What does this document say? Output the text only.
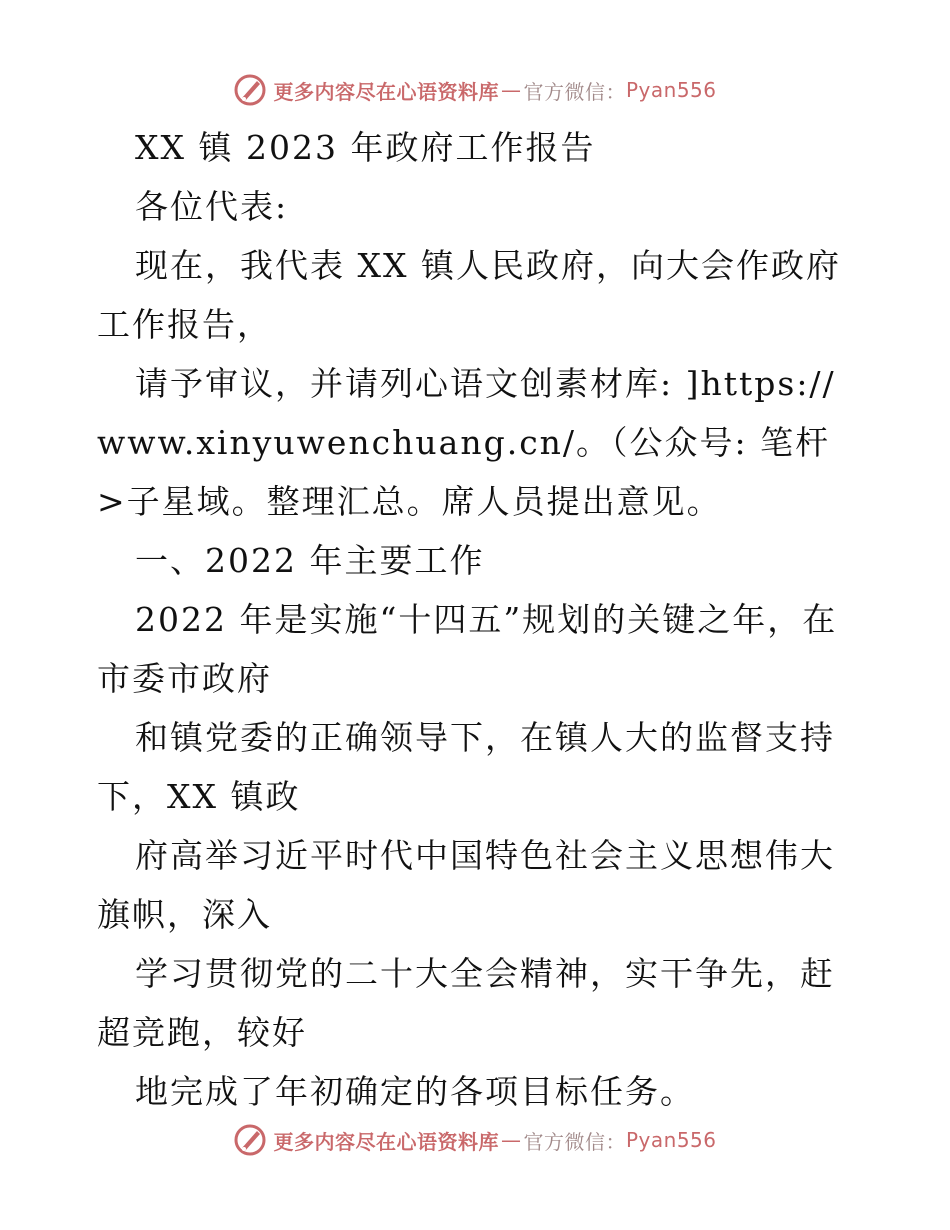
更多内容尽在心语资料库 — 官方微信： Pyan556

XX 镇 2023 年政府工作报告

各位代表:

现在，我代表 XX 镇人民政府，向大会作政府工作报告，

请予审议，并请列心语文创素材库: ]https://www.xinyuwenchuang.cn/。（公众号: 笔杆>子星域。整理汇总。席人员提出意见。

一、2022 年主要工作

2022 年是实施“十四五”规划的关键之年，在市委市政府

和镇党委的正确领导下，在镇人大的监督支持下，XX 镇政

府高举习近平时代中国特色社会主义思想伟大旗帜，深入

学习贯彻党的二十大全会精神，实干争先，赶超竞跑，较好

地完成了年初确定的各项目标任务。

更多内容尽在心语资料库 — 官方微信： Pyan556
